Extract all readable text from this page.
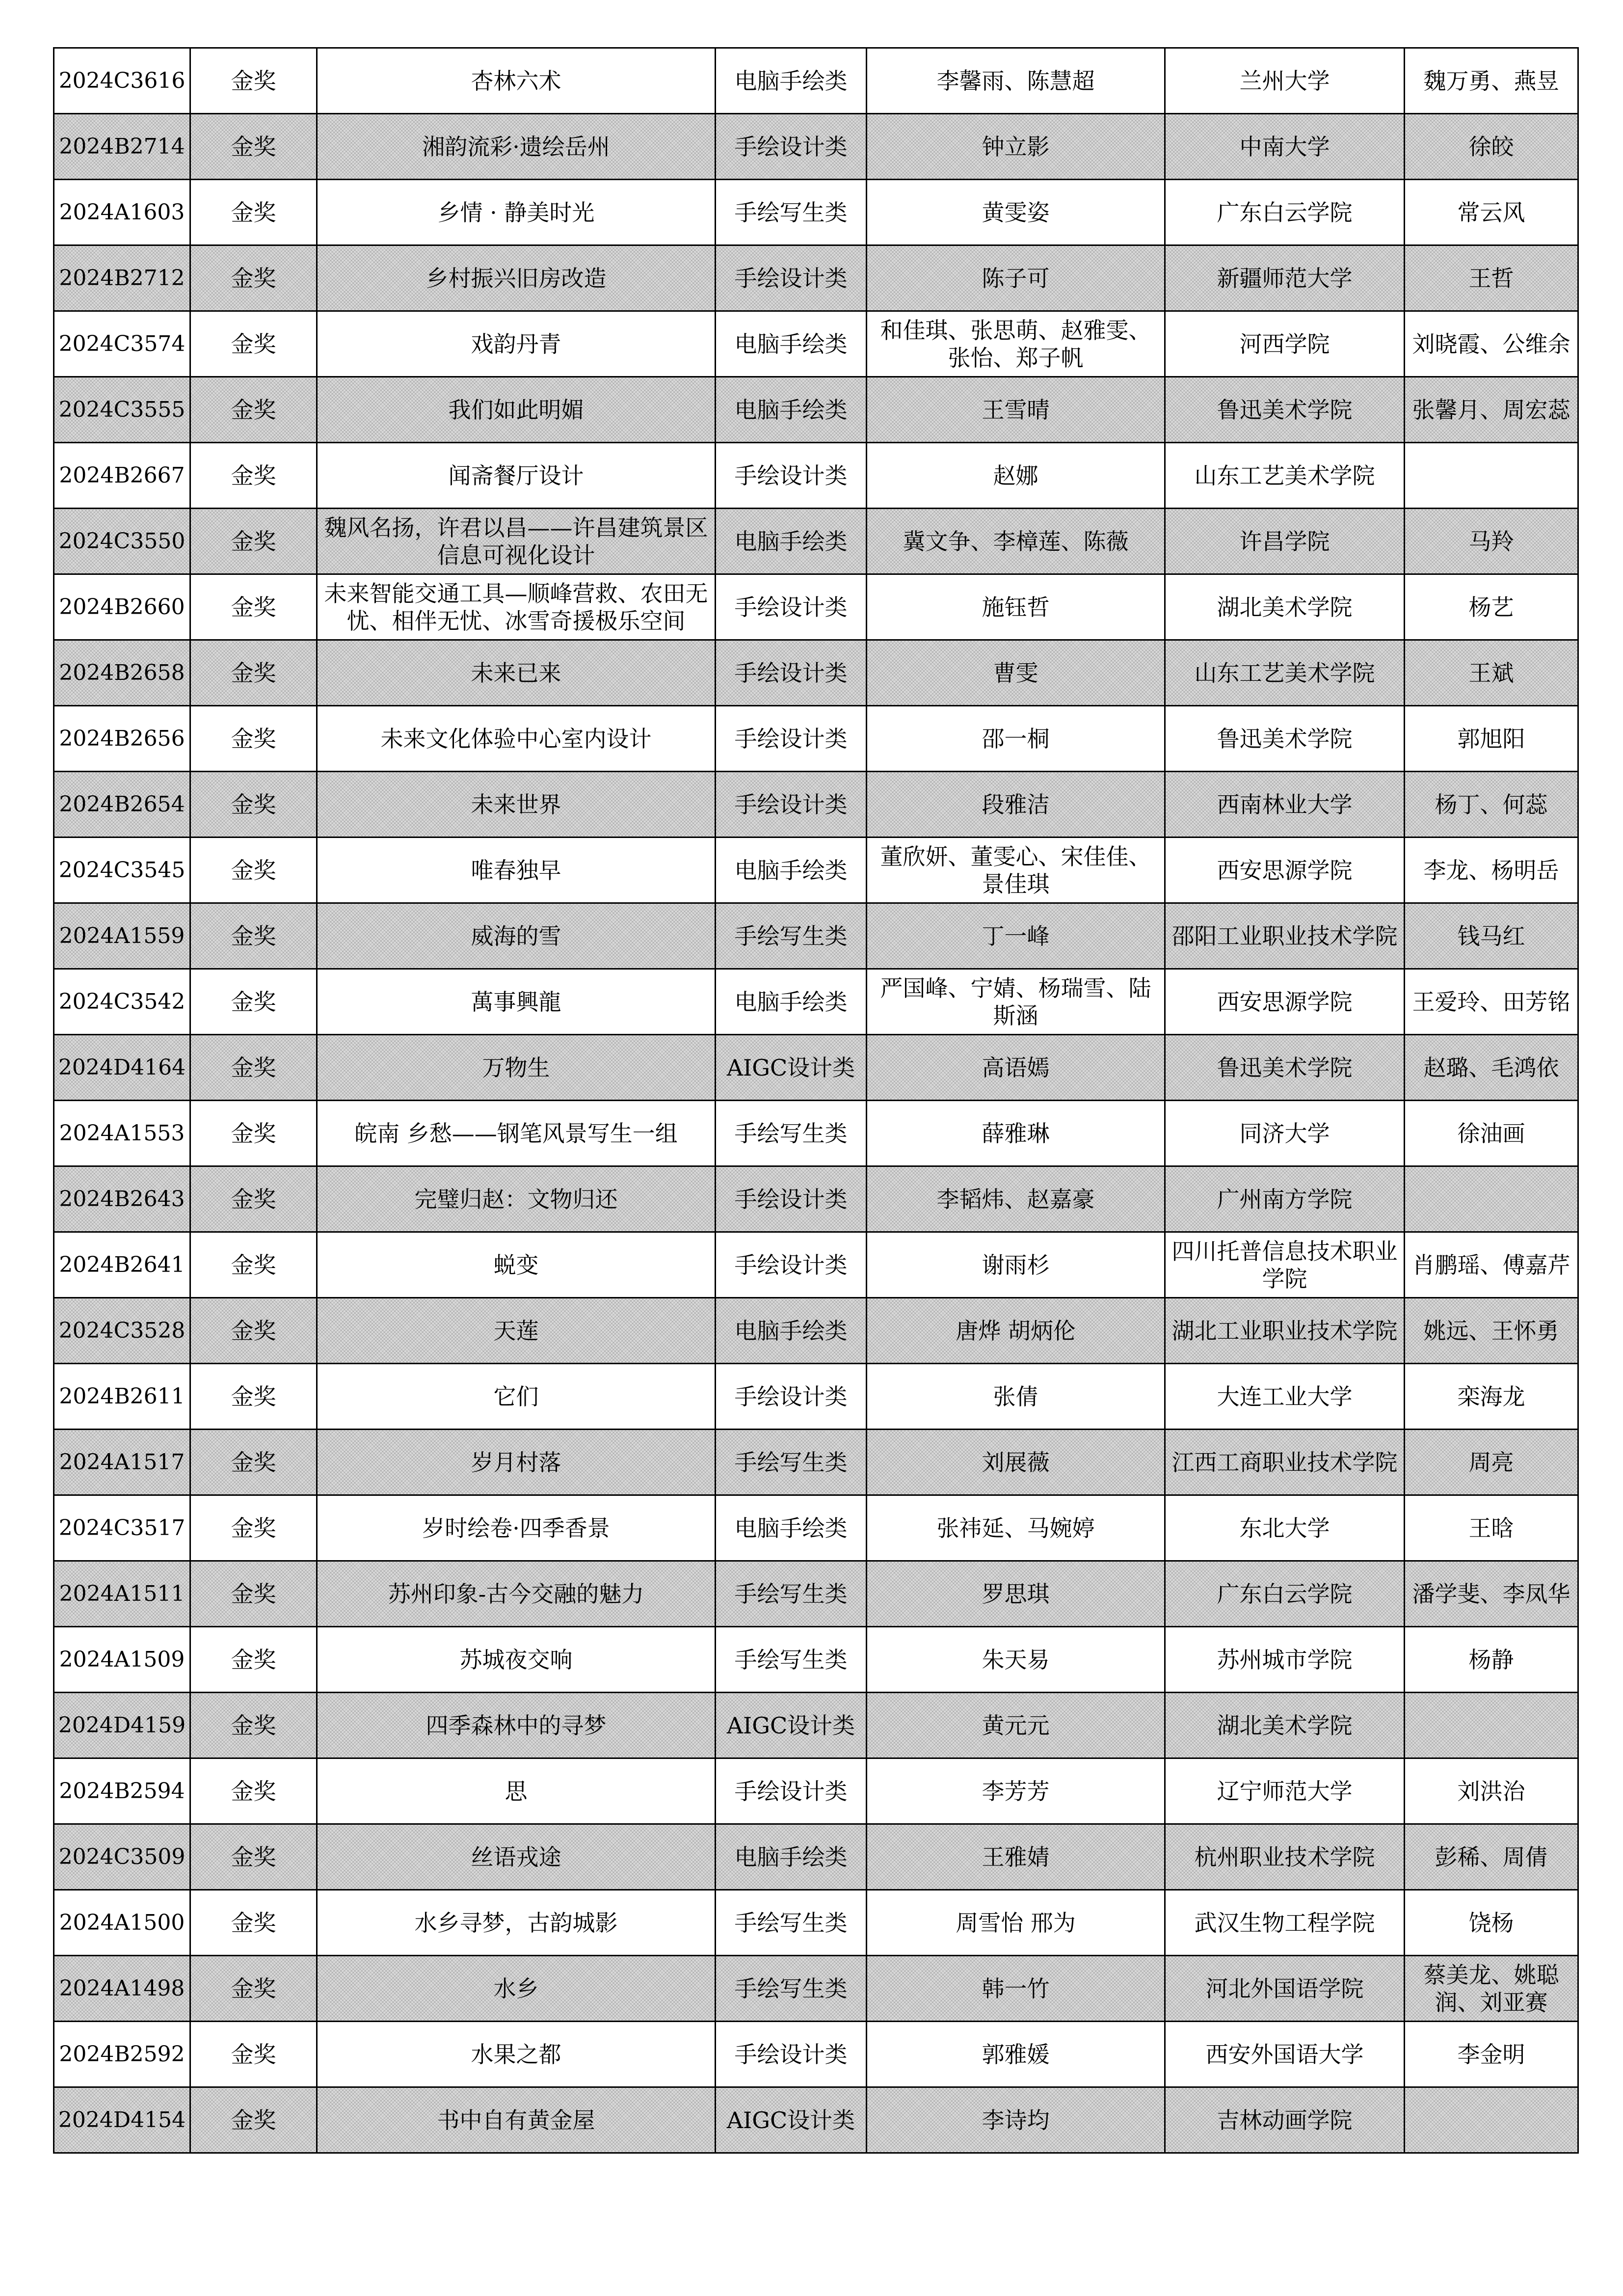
2024C3616	金奖	杏林六术	电脑手绘类	李馨雨、陈慧超	兰州大学	魏万勇、燕昱

2024B2714	金奖	湘韵流彩·遗绘岳州	手绘设计类	钟立影	中南大学	徐皎

2024A1603	金奖	乡情 · 静美时光	手绘写生类	黄雯姿	广东白云学院	常云风

2024B2712	金奖	乡村振兴旧房改造	手绘设计类	陈子可	新疆师范大学	王哲

2024C3574	金奖	戏韵丹青	电脑手绘类	和佳琪、张思萌、赵雅雯、张怡、郑子帆	河西学院	刘晓霞、公维余

2024C3555	金奖	我们如此明媚	电脑手绘类	王雪晴	鲁迅美术学院	张馨月、周宏蕊

2024B2667	金奖	闻斋餐厅设计	手绘设计类	赵娜	山东工艺美术学院	

2024C3550	金奖	魏风名扬，许君以昌——许昌建筑景区信息可视化设计	电脑手绘类	冀文争、李樟莲、陈薇	许昌学院	马羚

2024B2660	金奖	未来智能交通工具—顺峰营救、农田无忧、相伴无忧、冰雪奇援极乐空间	手绘设计类	施钰哲	湖北美术学院	杨艺

2024B2658	金奖	未来已来	手绘设计类	曹雯	山东工艺美术学院	王斌

2024B2656	金奖	未来文化体验中心室内设计	手绘设计类	邵一桐	鲁迅美术学院	郭旭阳

2024B2654	金奖	未来世界	手绘设计类	段雅洁	西南林业大学	杨丁、何蕊

2024C3545	金奖	唯春独早	电脑手绘类	董欣妍、董雯心、宋佳佳、景佳琪	西安思源学院	李龙、杨明岳

2024A1559	金奖	威海的雪	手绘写生类	丁一峰	邵阳工业职业技术学院	钱马红

2024C3542	金奖	萬事興龍	电脑手绘类	严国峰、宁婧、杨瑞雪、陆斯涵	西安思源学院	王爱玲、田芳铭

2024D4164	金奖	万物生	AIGC设计类	高语嫣	鲁迅美术学院	赵璐、毛鸿依

2024A1553	金奖	皖南 乡愁——钢笔风景写生一组	手绘写生类	薛雅琳	同济大学	徐油画

2024B2643	金奖	完璧归赵：文物归还	手绘设计类	李韬炜、赵嘉豪	广州南方学院	

2024B2641	金奖	蜕变	手绘设计类	谢雨杉	四川托普信息技术职业学院	肖鹏瑶、傅嘉芹

2024C3528	金奖	天莲	电脑手绘类	唐烨 胡炳伦	湖北工业职业技术学院	姚远、王怀勇

2024B2611	金奖	它们	手绘设计类	张倩	大连工业大学	栾海龙

2024A1517	金奖	岁月村落	手绘写生类	刘展薇	江西工商职业技术学院	周亮

2024C3517	金奖	岁时绘卷·四季香景	电脑手绘类	张祎延、马婉婷	东北大学	王晗

2024A1511	金奖	苏州印象-古今交融的魅力	手绘写生类	罗思琪	广东白云学院	潘学斐、李凤华

2024A1509	金奖	苏城夜交响	手绘写生类	朱天易	苏州城市学院	杨静

2024D4159	金奖	四季森林中的寻梦	AIGC设计类	黄元元	湖北美术学院	

2024B2594	金奖	思	手绘设计类	李芳芳	辽宁师范大学	刘洪治

2024C3509	金奖	丝语戎途	电脑手绘类	王雅婧	杭州职业技术学院	彭稀、周倩

2024A1500	金奖	水乡寻梦，古韵城影	手绘写生类	周雪怡 邢为	武汉生物工程学院	饶杨

2024A1498	金奖	水乡	手绘写生类	韩一竹	河北外国语学院	蔡美龙、姚聪润、刘亚赛

2024B2592	金奖	水果之都	手绘设计类	郭雅媛	西安外国语大学	李金明

2024D4154	金奖	书中自有黄金屋	AIGC设计类	李诗均	吉林动画学院	
